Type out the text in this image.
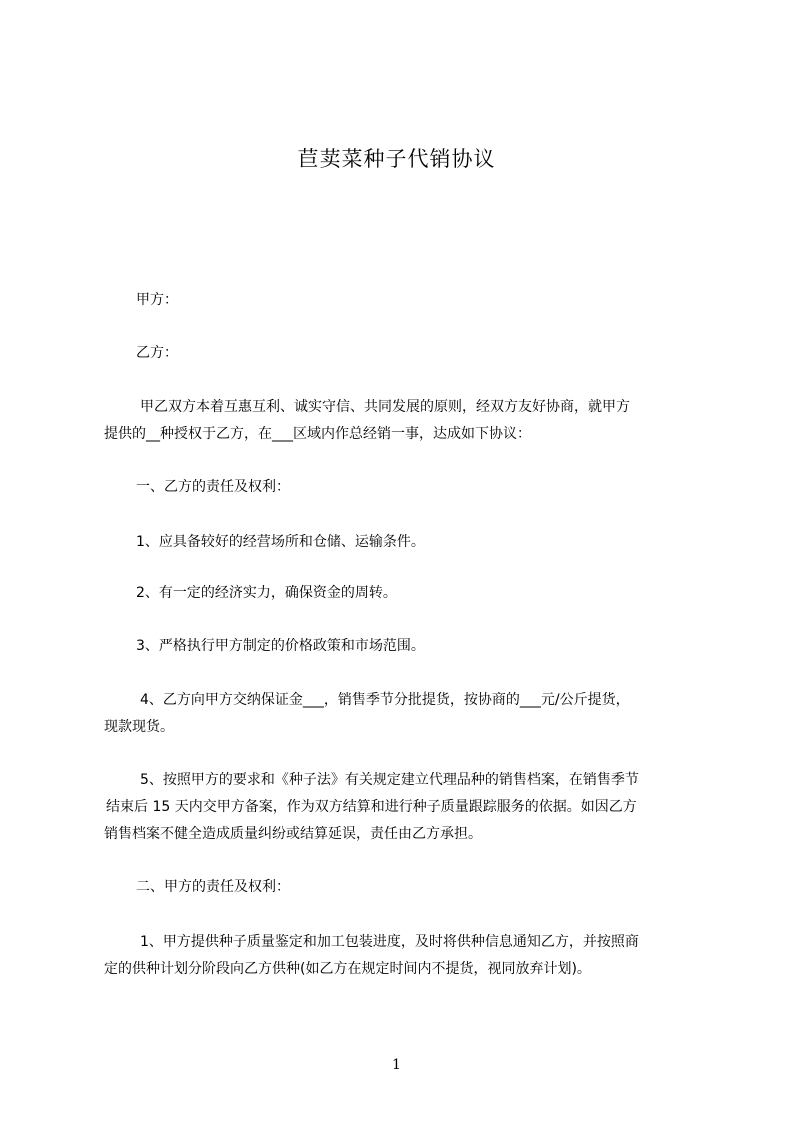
苣荬菜种子代销协议
甲方：
乙方：
甲乙双方本着互惠互利、诚实守信、共同发展的原则，经双方友好协商，就甲方
提供的__种授权于乙方，在___区域内作总经销一事，达成如下协议：
一、乙方的责任及权利：
1、应具备较好的经营场所和仓储、运输条件。
2、有一定的经济实力，确保资金的周转。
3、严格执行甲方制定的价格政策和市场范围。
4、乙方向甲方交纳保证金___，销售季节分批提货，按协商的___元/公斤提货，
现款现货。
5、按照甲方的要求和《种子法》有关规定建立代理品种的销售档案，在销售季节
结束后 15 天内交甲方备案，作为双方结算和进行种子质量跟踪服务的依据。如因乙方
销售档案不健全造成质量纠纷或结算延误，责任由乙方承担。
二、甲方的责任及权利：
1、甲方提供种子质量鉴定和加工包装进度，及时将供种信息通知乙方，并按照商
定的供种计划分阶段向乙方供种(如乙方在规定时间内不提货，视同放弃计划)。
1
